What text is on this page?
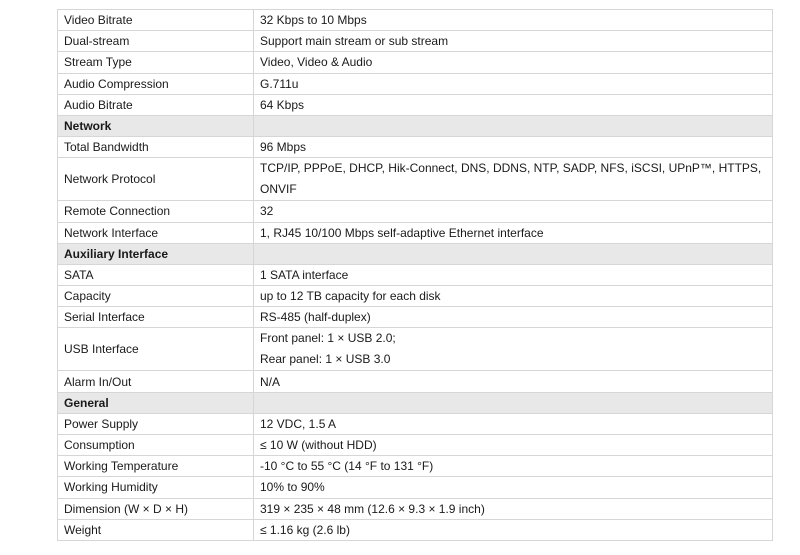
Video Bitrate	32 Kbps to 10 Mbps
Dual-stream	Support main stream or sub stream
Stream Type	Video, Video & Audio
Audio Compression	G.711u
Audio Bitrate	64 Kbps
Network	
Total Bandwidth	96 Mbps
Network Protocol	TCP/IP, PPPoE, DHCP, Hik-Connect, DNS, DDNS, NTP, SADP, NFS, iSCSI, UPnP™, HTTPS,
ONVIF

Remote Connection	32
Network Interface	1, RJ45 10/100 Mbps self-adaptive Ethernet interface
Auxiliary Interface	
SATA	1 SATA interface
Capacity	up to 12 TB capacity for each disk
Serial Interface	RS-485 (half-duplex)
USB Interface	Front panel: 1 × USB 2.0;
Rear panel: 1 × USB 3.0

Alarm In/Out	N/A
General	
Power Supply	12 VDC, 1.5 A
Consumption	≤ 10 W (without HDD)
Working Temperature	-10 °C to 55 °C (14 °F to 131 °F)
Working Humidity	10% to 90%
Dimension (W × D × H)	319 × 235 × 48 mm (12.6 × 9.3 × 1.9 inch)
Weight	≤ 1.16 kg (2.6 lb)
